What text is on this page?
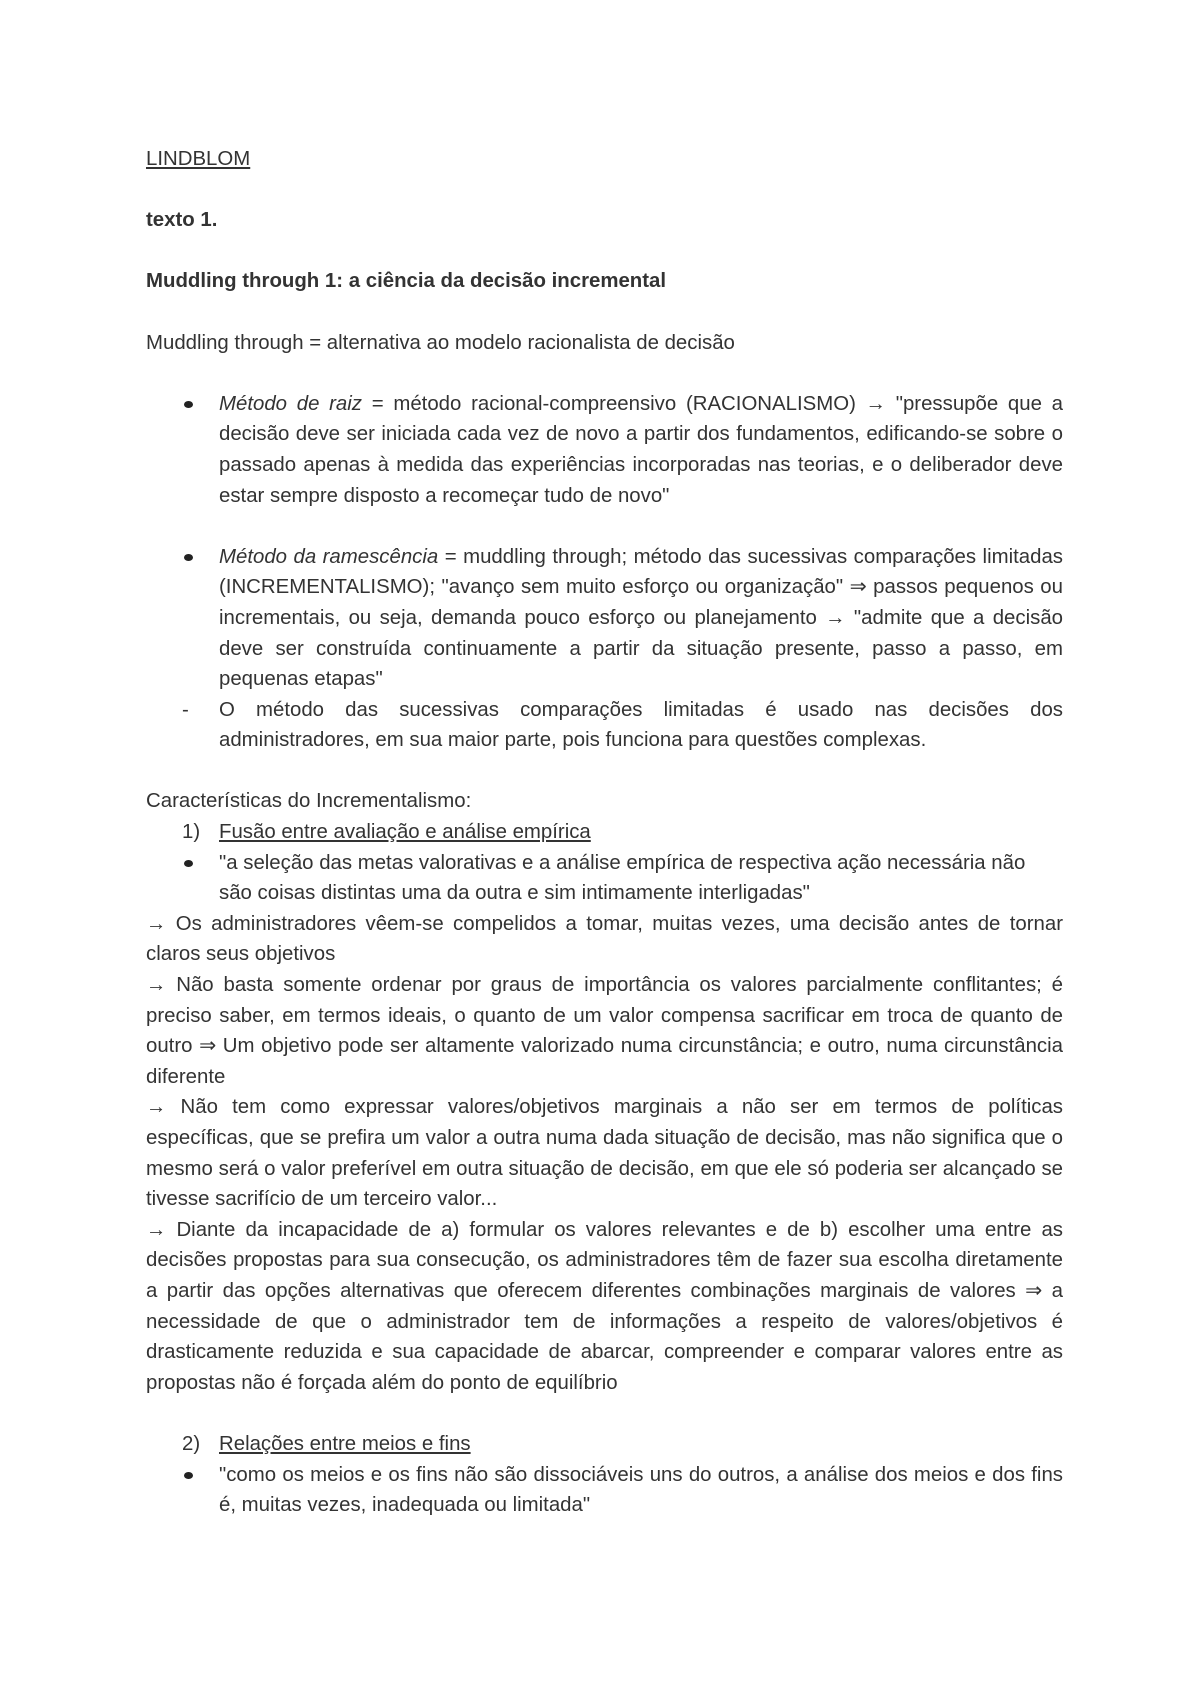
LINDBLOM

texto 1.

Muddling through 1: a ciência da decisão incremental

Muddling through = alternativa ao modelo racionalista de decisão

Método de raiz = método racional-compreensivo (RACIONALISMO) → "pressupõe que a decisão deve ser iniciada cada vez de novo a partir dos fundamentos, edificando-se sobre o passado apenas à medida das experiências incorporadas nas teorias, e o deliberador deve estar sempre disposto a recomeçar tudo de novo"
Método da ramescência = muddling through; método das sucessivas comparações limitadas (INCREMENTALISMO); "avanço sem muito esforço ou organização" ⇒ passos pequenos ou incrementais, ou seja, demanda pouco esforço ou planejamento → "admite que a decisão deve ser construída continuamente a partir da situação presente, passo a passo, em pequenas etapas"
-	O método das sucessivas comparações limitadas é usado nas decisões dos administradores, em sua maior parte, pois funciona para questões complexas.

Características do Incrementalismo:

1) Fusão entre avaliação e análise empírica
"a seleção das metas valorativas e a análise empírica de respectiva ação necessária não são coisas distintas uma da outra e sim intimamente interligadas"

→ Os administradores vêem-se compelidos a tomar, muitas vezes, uma decisão antes de tornar claros seus objetivos

→ Não basta somente ordenar por graus de importância os valores parcialmente conflitantes; é preciso saber, em termos ideais, o quanto de um valor compensa sacrificar em troca de quanto de outro ⇒ Um objetivo pode ser altamente valorizado numa circunstância; e outro, numa circunstância diferente

→ Não tem como expressar valores/objetivos marginais a não ser em termos de políticas específicas, que se prefira um valor a outra numa dada situação de decisão, mas não significa que o mesmo será o valor preferível em outra situação de decisão, em que ele só poderia ser alcançado se tivesse sacrifício de um terceiro valor...

→ Diante da incapacidade de a) formular os valores relevantes e de b) escolher uma entre as decisões propostas para sua consecução, os administradores têm de fazer sua escolha diretamente a partir das opções alternativas que oferecem diferentes combinações marginais de valores ⇒ a necessidade de que o administrador tem de informações a respeito de valores/objetivos é drasticamente reduzida e sua capacidade de abarcar, compreender e comparar valores entre as propostas não é forçada além do ponto de equilíbrio

2) Relações entre meios e fins
"como os meios e os fins não são dissociáveis uns do outros, a análise dos meios e dos fins é, muitas vezes, inadequada ou limitada"
